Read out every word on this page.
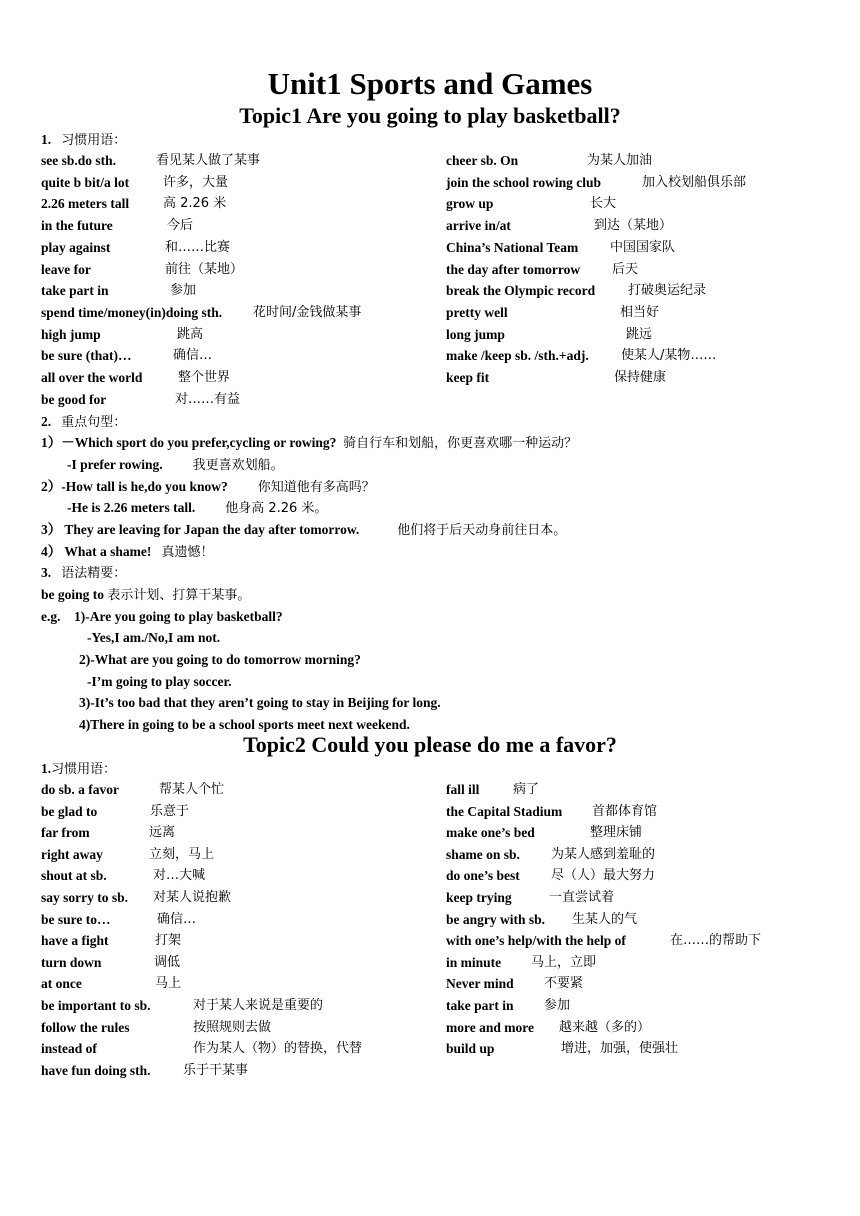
Unit1 Sports and Games
Topic1 Are you going to play basketball?
1. 习惯用语：
see sb.do sth.	看见某人做了某事	cheer sb. On	为某人加油
quite b bit/a lot	许多，大量	join the school rowing club	加入校划船俱乐部
2.26 meters tall	高 2.26 米	grow up	长大
in the future	今后	arrive in/at	到达（某地）
play against	和……比赛	China’s National Team 中国国家队
leave for	前往（某地）	the day after tomorrow 后天
take part in	参加	break the Olympic record	打破奥运纪录
spend time/money(in)doing sth. 花时间/金钱做某事	pretty well	相当好
high jump	跳高	long jump	跳远
be sure (that)…	确信…	make /keep sb. /sth.+adj. 使某人/某物……
all over the world	整个世界	keep fit	保持健康
be good for	对……有益
2. 重点句型：
1）－Which sport do you prefer,cycling or rowing? 骑自行车和划船，你更喜欢哪一种运动？
-I prefer rowing. 我更喜欢划船。
2）-How tall is he,do you know? 你知道他有多高吗？
-He is 2.26 meters tall. 他身高 2.26 米。
3） They are leaving for Japan the day after tomorrow.	他们将于后天动身前往日本。
4） What a shame! 真遗憾！
3. 语法精要：
be going to 表示计划、打算干某事。
e.g. 1)-Are you going to play basketball?
-Yes,I am./No,I am not.
2)-What are you going to do tomorrow morning?
-I’m going to play soccer.
3)-It’s too bad that they aren’t going to stay in Beijing for long.
4)There in going to be a school sports meet next weekend.
Topic2 Could you please do me a favor?
1.习惯用语：
do sb. a favor	帮某人个忙	fall ill	病了
be glad to	乐意于	the Capital Stadium 首都体育馆
far from	远离	make one’s bed	整理床铺
right away	立刻，马上	shame on sb. 为某人感到羞耻的
shout at sb.	对…大喊	do one’s best 尽（人）最大努力
say sorry to sb. 对某人说抱歉	keep trying	一直尝试着
be sure to…	确信…	be angry with sb. 生某人的气
have a fight	打架	with one’s help/with the help of	在……的帮助下
turn down	调低	in minute 马上，立即
at once	马上	Never mind 不要紧
be important to sb.	对于某人来说是重要的	take part in 参加
follow the rules	按照规则去做	more and more 越来越（多的）
instead of	作为某人（物）的替换，代替	build up	增进，加强，使强壮
have fun doing sth. 乐于干某事
